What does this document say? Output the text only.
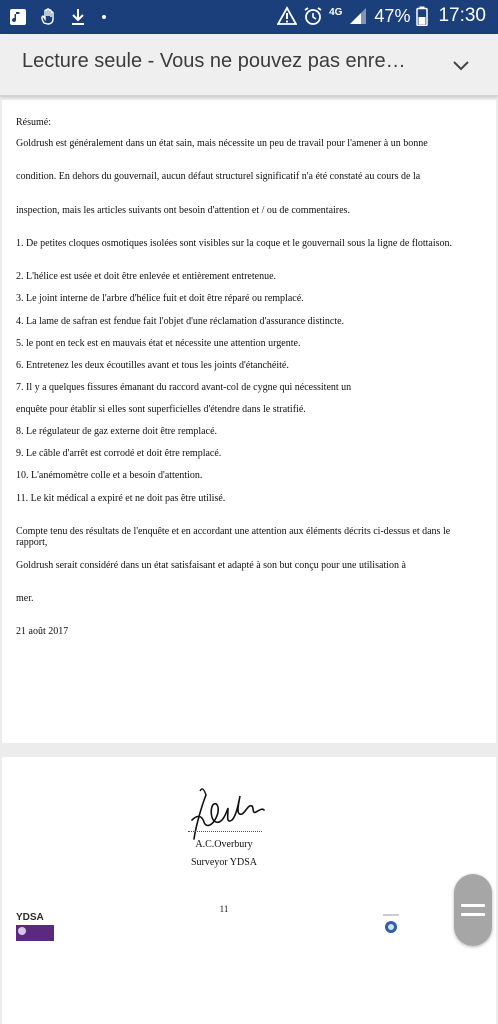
4G 47% 17:30
Lecture seule - Vous ne pouvez pas enre…
Résumé:
Goldrush est généralement dans un état sain, mais nécessite un peu de travail pour l'amener à un bonne
condition. En dehors du gouvernail, aucun défaut structurel significatif n'a été constaté au cours de la
inspection, mais les articles suivants ont besoin d'attention et / ou de commentaires.
1. De petites cloques osmotiques isolées sont visibles sur la coque et le gouvernail sous la ligne de flottaison.
2. L'hélice est usée et doit être enlevée et entièrement entretenue.
3. Le joint interne de l'arbre d'hélice fuit et doit être réparé ou remplacé.
4. La lame de safran est fendue fait l'objet d'une réclamation d'assurance distincte.
5. le pont en teck est en mauvais état et nécessite une attention urgente.
6. Entretenez les deux écoutilles avant et tous les joints d'étanchéité.
7. Il y a quelques fissures émanant du raccord avant-col de cygne qui nécessitent un
enquête pour établir si elles sont superficielles d'étendre dans le stratifié.
8. Le régulateur de gaz externe doit être remplacé.
9. Le câble d'arrêt est corrodé et doit être remplacé.
10. L'anémomètre colle et a besoin d'attention.
11. Le kit médical a expiré et ne doit pas être utilisé.
Compte tenu des résultats de l'enquête et en accordant une attention aux éléments décrits ci-dessus et dans le rapport,
Goldrush serait considéré dans un état satisfaisant et adapté à son but conçu pour une utilisation à
mer.
21 août 2017
A.C.Overbury
Surveyor YDSA
11
YDSA
